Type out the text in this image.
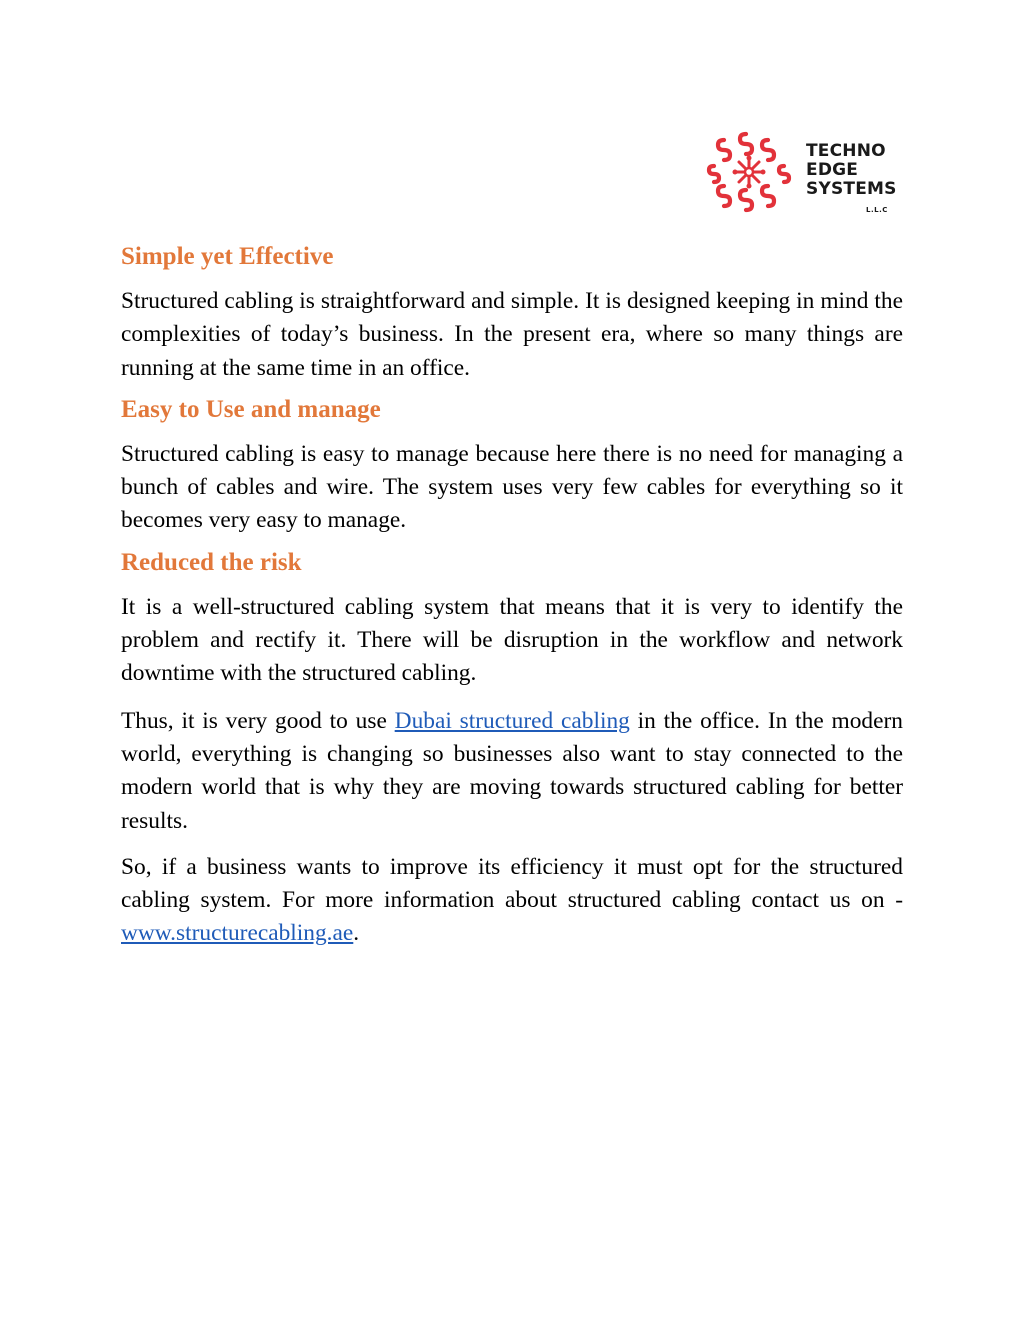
TECHNO
EDGE
SYSTEMS
L.L.C
Simple yet Effective

Structured cabling is straightforward and simple. It is designed keeping in mind the complexities of today’s business. In the present era, where so many things are running at the same time in an office.

Easy to Use and manage

Structured cabling is easy to manage because here there is no need for managing a bunch of cables and wire. The system uses very few cables for everything so it becomes very easy to manage.

Reduced the risk

It is a well-structured cabling system that means that it is very to identify the problem and rectify it. There will be disruption in the workflow and network downtime with the structured cabling.

Thus, it is very good to use Dubai structured cabling in the office. In the modern world, everything is changing so businesses also want to stay connected to the modern world that is why they are moving towards structured cabling for better results.

So, if a business wants to improve its efficiency it must opt for the structured cabling system. For more information about structured cabling contact us on -www.structurecabling.ae.
